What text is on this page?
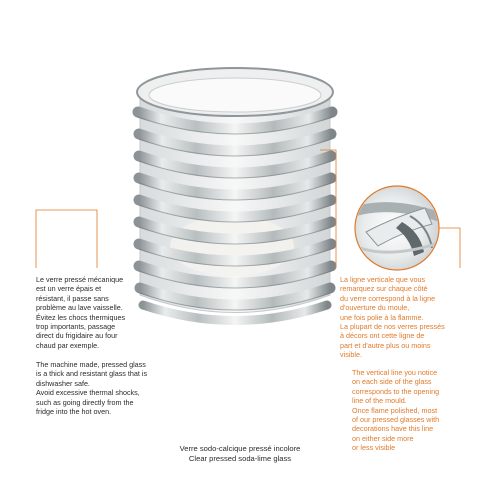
Le verre pressé mécanique
est un verre épais et
résistant, il passe sans
problème au lave vaisselle.
Évitez les chocs thermiques
trop importants, passage
direct du frigidaire au four
chaud par exemple.
The machine made, pressed glass
is a thick and resistant glass that is
dishwasher safe.
Avoid excessive thermal shocks,
such as going directly from the
fridge into the hot oven.
La ligne verticale que vous
remarquez sur chaque côté
du verre correspond à la ligne
d'ouverture du moule,
une fois polie à la flamme.
La plupart de nos verres pressés
à décors ont cette ligne de
part et d'autre plus ou moins
visible.
The vertical line you notice
on each side of the glass
corresponds to the opening
line of the mould.
Once flame polished, most
of our pressed glasses with
decorations have this line
on either side more
or less visible
Verre sodo-calcique pressé incolore
Clear pressed soda-lime glass
